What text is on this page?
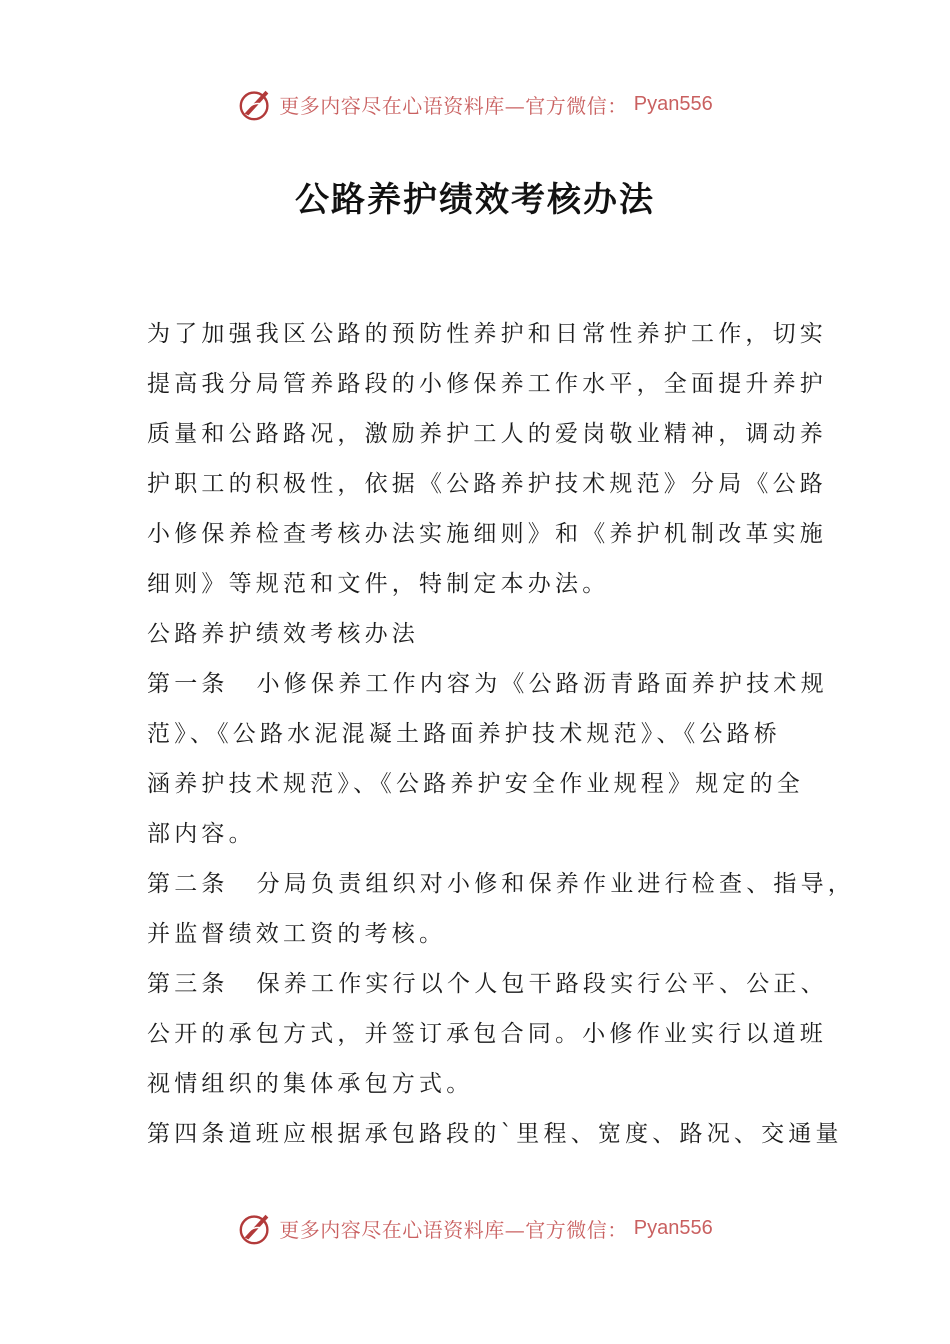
更多内容尽在心语资料库—官方微信： Pyan556
公路养护绩效考核办法
为了加强我区公路的预防性养护和日常性养护工作，切实
提高我分局管养路段的小修保养工作水平，全面提升养护
质量和公路路况，激励养护工人的爱岗敬业精神，调动养
护职工的积极性，依据《公路养护技术规范》分局《公路
小修保养检查考核办法实施细则》和《养护机制改革实施
细则》等规范和文件，特制定本办法。
公路养护绩效考核办法
第一条 小修保养工作内容为《公路沥青路面养护技术规
范》、《公路水泥混凝土路面养护技术规范》、《公路桥
涵养护技术规范》、《公路养护安全作业规程》规定的全
部内容。
第二条 分局负责组织对小修和保养作业进行检查、指导，
并监督绩效工资的考核。
第三条 保养工作实行以个人包干路段实行公平、公正、
公开的承包方式，并签订承包合同。小修作业实行以道班
视情组织的集体承包方式。
第四条道班应根据承包路段的`里程、宽度、路况、交通量
更多内容尽在心语资料库—官方微信： Pyan556
